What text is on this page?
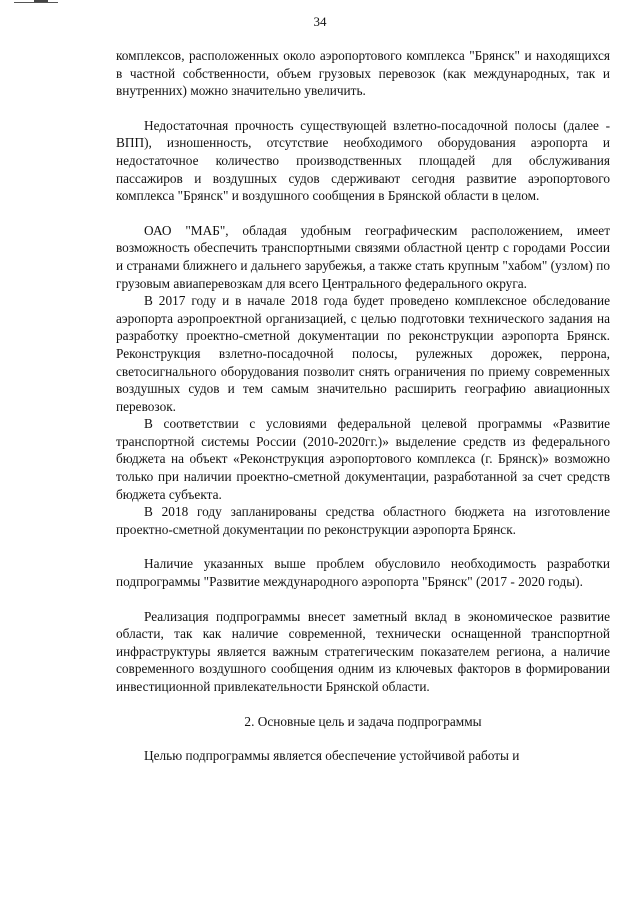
34

комплексов, расположенных около аэропортового комплекса "Брянск" и находящихся в частной собственности, объем грузовых перевозок (как международных, так и внутренних) можно значительно увеличить.

Недостаточная прочность существующей взлетно-посадочной полосы (далее - ВПП), изношенность, отсутствие необходимого оборудования аэропорта и недостаточное количество производственных площадей для обслуживания пассажиров и воздушных судов сдерживают сегодня развитие аэропортового комплекса "Брянск" и воздушного сообщения в Брянской области в целом.

ОАО "МАБ", обладая удобным географическим расположением, имеет возможность обеспечить транспортными связями областной центр с городами России и странами ближнего и дальнего зарубежья, а также стать крупным "хабом" (узлом) по грузовым авиаперевозкам для всего Центрального федерального округа.

В 2017 году и в начале 2018 года будет проведено комплексное обследование аэропорта аэропроектной организацией, с целью подготовки технического задания на разработку проектно-сметной документации по реконструкции аэропорта Брянск. Реконструкция взлетно-посадочной полосы, рулежных дорожек, перрона, светосигнального оборудования позволит снять ограничения по приему современных воздушных судов и тем самым значительно расширить географию авиационных перевозок.

В соответствии с условиями федеральной целевой программы «Развитие транспортной системы России (2010-2020гг.)» выделение средств из федерального бюджета на объект «Реконструкция аэропортового комплекса (г. Брянск)» возможно только при наличии проектно-сметной документации, разработанной за счет средств бюджета субъекта.

В 2018 году запланированы средства областного бюджета на изготовление проектно-сметной документации по реконструкции аэропорта Брянск.

Наличие указанных выше проблем обусловило необходимость разработки подпрограммы "Развитие международного аэропорта "Брянск" (2017 - 2020 годы).

Реализация подпрограммы внесет заметный вклад в экономическое развитие области, так как наличие современной, технически оснащенной транспортной инфраструктуры является важным стратегическим показателем региона, а наличие современного воздушного сообщения одним из ключевых факторов в формировании инвестиционной привлекательности Брянской области.

2. Основные цель и задача подпрограммы

Целью подпрограммы является обеспечение устойчивой работы и
